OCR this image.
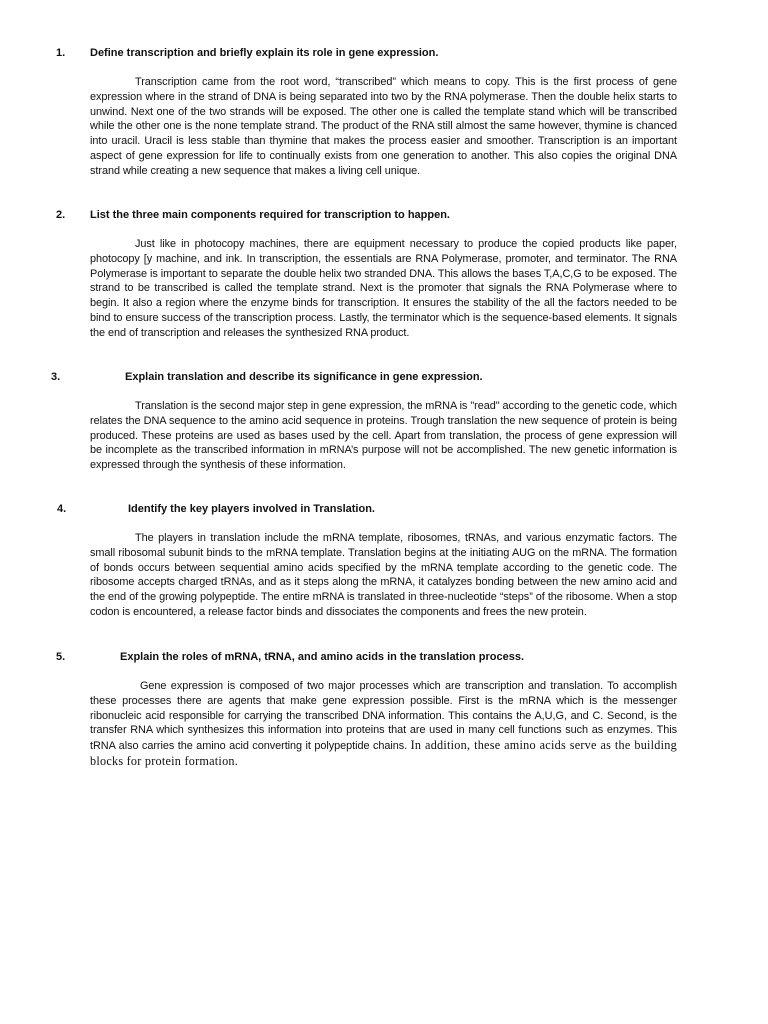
1. Define transcription and briefly explain its role in gene expression.

Transcription came from the root word, “transcribed” which means to copy. This is the first process of gene expression where in the strand of DNA is being separated into two by the RNA polymerase. Then the double helix starts to unwind. Next one of the two strands will be exposed. The other one is called the template stand which will be transcribed while the other one is the none template strand. The product of the RNA still almost the same however, thymine is chanced into uracil. Uracil is less stable than thymine that makes the process easier and smoother. Transcription is an important aspect of gene expression for life to continually exists from one generation to another. This also copies the original DNA strand while creating a new sequence that makes a living cell unique.

2. List the three main components required for transcription to happen.

Just like in photocopy machines, there are equipment necessary to produce the copied products like paper, photocopy [y machine, and ink. In transcription, the essentials are RNA Polymerase, promoter, and terminator. The RNA Polymerase is important to separate the double helix two stranded DNA. This allows the bases T,A,C,G to be exposed. The strand to be transcribed is called the template strand. Next is the promoter that signals the RNA Polymerase where to begin. It also a region where the enzyme binds for transcription. It ensures the stability of the all the factors needed to be bind to ensure success of the transcription process. Lastly, the terminator which is the sequence-based elements. It signals the end of transcription and releases the synthesized RNA product.

3.	Explain translation and describe its significance in gene expression.

Translation is the second major step in gene expression, the mRNA is "read" according to the genetic code, which relates the DNA sequence to the amino acid sequence in proteins. Trough translation the new sequence of protein is being produced. These proteins are used as bases used by the cell. Apart from translation, the process of gene expression will be incomplete as the transcribed information in mRNA’s purpose will not be accomplished. The new genetic information is expressed through the synthesis of these information.

4.	Identify the key players involved in Translation.

The players in translation include the mRNA template, ribosomes, tRNAs, and various enzymatic factors. The small ribosomal subunit binds to the mRNA template. Translation begins at the initiating AUG on the mRNA. The formation of bonds occurs between sequential amino acids specified by the mRNA template according to the genetic code. The ribosome accepts charged tRNAs, and as it steps along the mRNA, it catalyzes bonding between the new amino acid and the end of the growing polypeptide. The entire mRNA is translated in three-nucleotide “steps” of the ribosome. When a stop codon is encountered, a release factor binds and dissociates the components and frees the new protein.

5.	Explain the roles of mRNA, tRNA, and amino acids in the translation process.

Gene expression is composed of two major processes which are transcription and translation. To accomplish these processes there are agents that make gene expression possible. First is the mRNA which is the messenger ribonucleic acid responsible for carrying the transcribed DNA information. This contains the A,U,G, and C. Second, is the transfer RNA which synthesizes this information into proteins that are used in many cell functions such as enzymes. This tRNA also carries the amino acid converting it polypeptide chains. In addition, these amino acids serve as the building blocks for protein formation.
